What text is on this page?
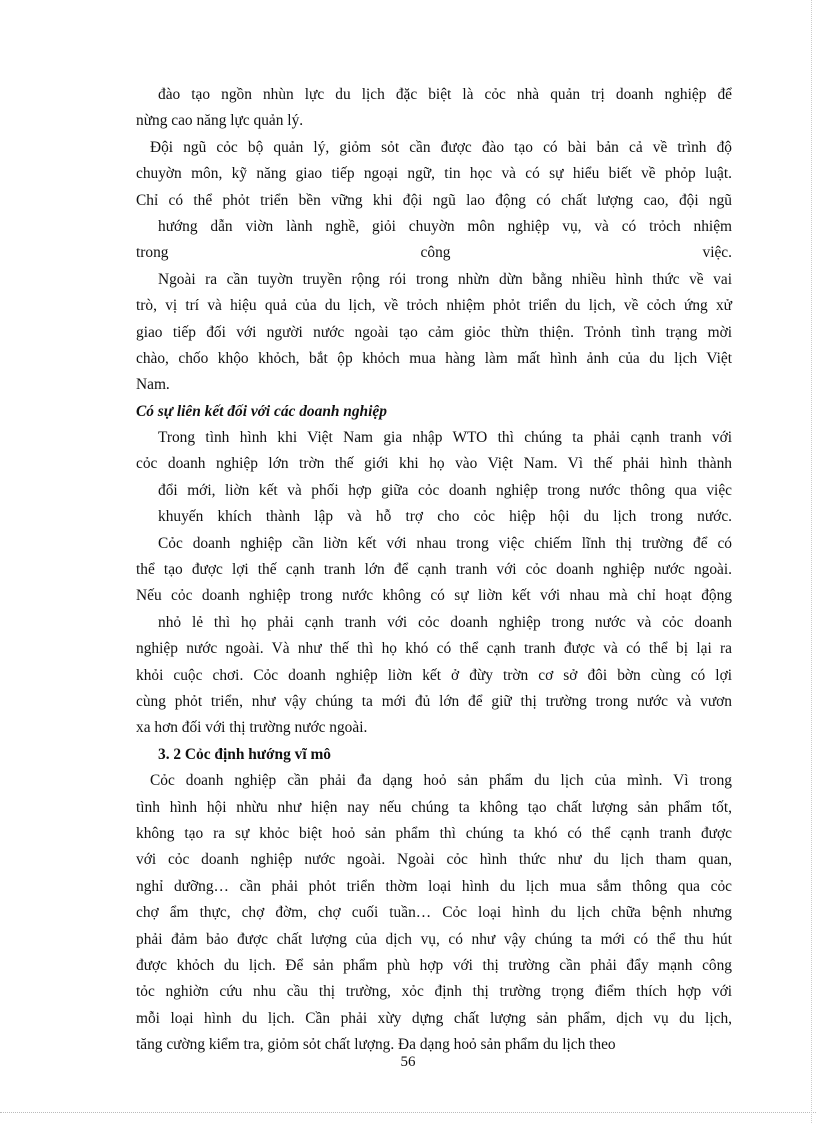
đào tạo ngồn nhùn lực du lịch đặc biệt là cỏc nhà quản trị doanh nghiệp để
nừng cao năng lực quản lý.
Đội ngũ cỏc bộ quản lý, giỏm sỏt cần được đào tạo có bài bản cả về trình độ
chuyờn môn, kỹ năng giao tiếp ngoại ngữ, tin học và có sự hiểu biết về phỏp luật.
Chỉ có thể phỏt triển bền vững khi đội ngũ lao động có chất lượng cao, đội ngũ
hướng dẫn viờn lành nghề, giỏi chuyờn môn nghiệp vụ, và có trỏch nhiệm
trong công việc.
Ngoài ra cần tuyờn truyền rộng rói trong nhừn dừn bằng nhiều hình thức về vai
trò, vị trí và hiệu quả của du lịch, về trỏch nhiệm phỏt triển du lịch, về cỏch ứng xử
giao tiếp đối với người nước ngoài tạo cảm giỏc thừn thiện. Trỏnh tình trạng mời
chào, chốo khộo khỏch, bắt ộp khỏch mua hàng làm mất hình ảnh của du lịch Việt
Nam.
Có sự liên kết đối với các doanh nghiệp
Trong tình hình khi Việt Nam gia nhập WTO thì chúng ta phải cạnh tranh với
cỏc doanh nghiệp lớn trờn thế giới khi họ vào Việt Nam. Vì thế phải hình thành
đổi mới, liờn kết và phối hợp giữa cỏc doanh nghiệp trong nước thông qua việc
khuyến khích thành lập và hỗ trợ cho cỏc hiệp hội du lịch trong nước.
Cỏc doanh nghiệp cần liờn kết với nhau trong việc chiếm lĩnh thị trường để có
thể tạo được lợi thế cạnh tranh lớn để cạnh tranh với cỏc doanh nghiệp nước ngoài.
Nếu cỏc doanh nghiệp trong nước không có sự liờn kết với nhau mà chỉ hoạt động
nhỏ lẻ thì họ phải cạnh tranh với cỏc doanh nghiệp trong nước và cỏc doanh
nghiệp nước ngoài. Và như thế thì họ khó có thể cạnh tranh được và có thể bị lại ra
khỏi cuộc chơi. Cỏc doanh nghiệp liờn kết ở đừy trờn cơ sở đôi bờn cùng có lợi
cùng phỏt triển, như vậy chúng ta mới đủ lớn để giữ thị trường trong nước và vươn
xa hơn đối với thị trường nước ngoài.
3. 2 Cỏc định hướng vĩ mô
Cỏc doanh nghiệp cần phải đa dạng hoỏ sản phẩm du lịch của mình. Vì trong
tình hình hội nhừu như hiện nay nếu chúng ta không tạo chất lượng sản phẩm tốt,
không tạo ra sự khỏc biệt hoỏ sản phẩm thì chúng ta khó có thể cạnh tranh được
với cỏc doanh nghiệp nước ngoài. Ngoài cỏc hình thức như du lịch tham quan,
nghỉ dưỡng… cần phải phỏt triển thờm loại hình du lịch mua sắm thông qua cỏc
chợ ẩm thực, chợ đờm, chợ cuối tuần… Cỏc loại hình du lịch chữa bệnh nhưng
phải đảm bảo được chất lượng của dịch vụ, có như vậy chúng ta mới có thể thu hút
được khỏch du lịch. Để sản phẩm phù hợp với thị trường cần phải đẩy mạnh công
tỏc nghiờn cứu nhu cầu thị trường, xỏc định thị trường trọng điểm thích hợp với
mỗi loại hình du lịch. Cần phải xừy dựng chất lượng sản phẩm, dịch vụ du lịch,
tăng cường kiểm tra, giỏm sỏt chất lượng. Đa dạng hoỏ sản phẩm du lịch theo
56
